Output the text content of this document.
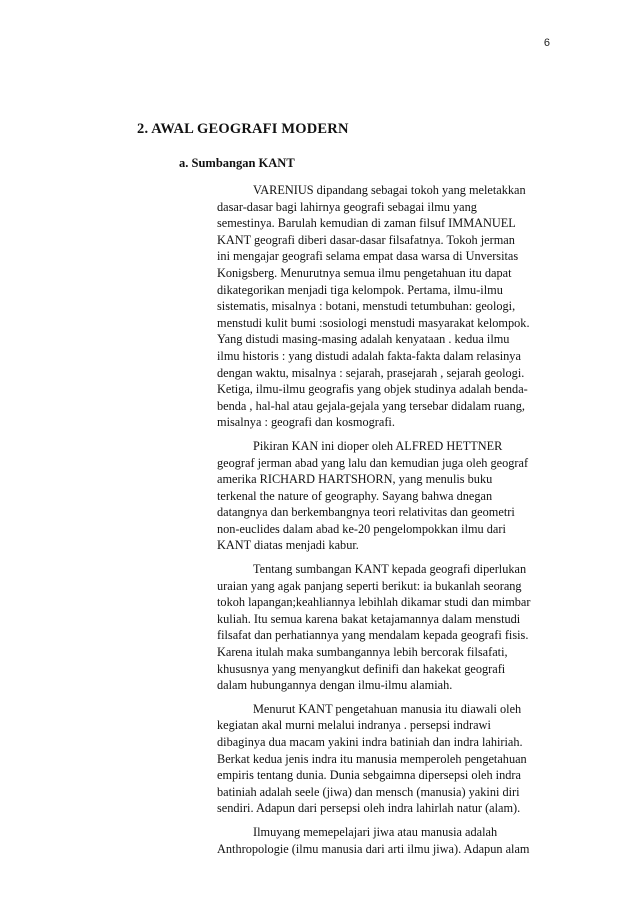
6
2. AWAL GEOGRAFI MODERN
a. Sumbangan KANT
VARENIUS dipandang sebagai tokoh yang meletakkan
dasar-dasar bagi lahirnya geografi sebagai ilmu yang
semestinya. Barulah kemudian di zaman filsuf IMMANUEL
KANT geografi diberi dasar-dasar filsafatnya. Tokoh jerman
ini mengajar geografi selama empat dasa warsa di Unversitas
Konigsberg. Menurutnya semua ilmu pengetahuan itu dapat
dikategorikan menjadi tiga kelompok. Pertama, ilmu-ilmu
sistematis, misalnya : botani, menstudi tetumbuhan: geologi,
menstudi kulit bumi :sosiologi menstudi masyarakat kelompok.
Yang distudi masing-masing adalah kenyataan . kedua ilmu
ilmu historis : yang distudi adalah fakta-fakta dalam relasinya
dengan waktu, misalnya : sejarah, prasejarah , sejarah geologi.
Ketiga, ilmu-ilmu geografis yang objek studinya adalah benda-
benda , hal-hal atau gejala-gejala yang tersebar didalam ruang,
misalnya : geografi dan kosmografi.
Pikiran KAN ini dioper oleh ALFRED HETTNER
geograf jerman abad yang lalu dan kemudian juga oleh geograf
amerika RICHARD HARTSHORN, yang menulis buku
terkenal the nature of geography. Sayang bahwa dnegan
datangnya dan berkembangnya teori relativitas dan geometri
non-euclides dalam abad ke-20 pengelompokkan ilmu dari
KANT diatas menjadi kabur.
Tentang sumbangan KANT kepada geografi diperlukan
uraian yang agak panjang seperti berikut: ia bukanlah seorang
tokoh lapangan;keahliannya lebihlah dikamar studi dan mimbar
kuliah. Itu semua karena bakat ketajamannya dalam menstudi
filsafat dan perhatiannya yang mendalam kepada geografi fisis.
Karena itulah maka sumbangannya lebih bercorak filsafati,
khususnya yang menyangkut definifi dan hakekat geografi
dalam hubungannya dengan ilmu-ilmu alamiah.
Menurut KANT pengetahuan manusia itu diawali oleh
kegiatan akal murni melalui indranya . persepsi indrawi
dibaginya dua macam yakini indra batiniah dan indra lahiriah.
Berkat kedua jenis indra itu manusia memperoleh pengetahuan
empiris tentang dunia. Dunia sebgaimna dipersepsi oleh indra
batiniah adalah seele (jiwa) dan mensch (manusia) yakini diri
sendiri. Adapun dari persepsi oleh indra lahirlah natur (alam).
Ilmuyang memepelajari jiwa atau manusia adalah
Anthropologie (ilmu manusia dari arti ilmu jiwa). Adapun alam
